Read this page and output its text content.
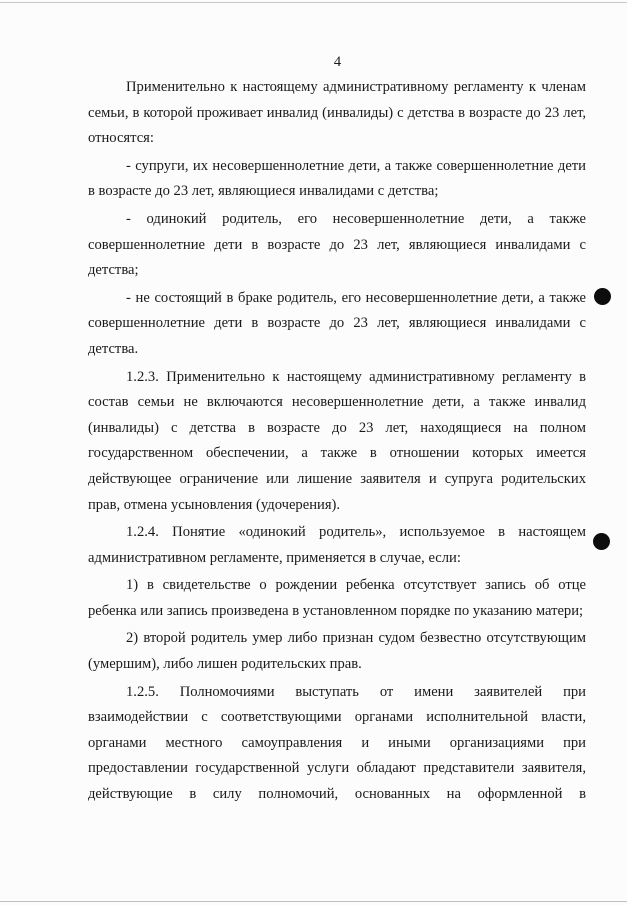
4

Применительно к настоящему административному регламенту к членам семьи, в которой проживает инвалид (инвалиды) с детства в возрасте до 23 лет, относятся:

- супруги, их несовершеннолетние дети, а также совершеннолетние дети в возрасте до 23 лет, являющиеся инвалидами с детства;

- одинокий родитель, его несовершеннолетние дети, а также совершеннолетние дети в возрасте до 23 лет, являющиеся инвалидами с детства;

- не состоящий в браке родитель, его несовершеннолетние дети, а также совершеннолетние дети в возрасте до 23 лет, являющиеся инвалидами с детства.

1.2.3. Применительно к настоящему административному регламенту в состав семьи не включаются несовершеннолетние дети, а также инвалид (инвалиды) с детства в возрасте до 23 лет, находящиеся на полном государственном обеспечении, а также в отношении которых имеется действующее ограничение или лишение заявителя и супруга родительских прав, отмена усыновления (удочерения).

1.2.4. Понятие «одинокий родитель», используемое в настоящем административном регламенте, применяется в случае, если:

1) в свидетельстве о рождении ребенка отсутствует запись об отце ребенка или запись произведена в установленном порядке по указанию матери;

2) второй родитель умер либо признан судом безвестно отсутствующим (умершим), либо лишен родительских прав.

1.2.5. Полномочиями выступать от имени заявителей при взаимодействии с соответствующими органами исполнительной власти, органами местного самоуправления и иными организациями при предоставлении государственной услуги обладают представители заявителя, действующие в силу полномочий, основанных на оформленной в
